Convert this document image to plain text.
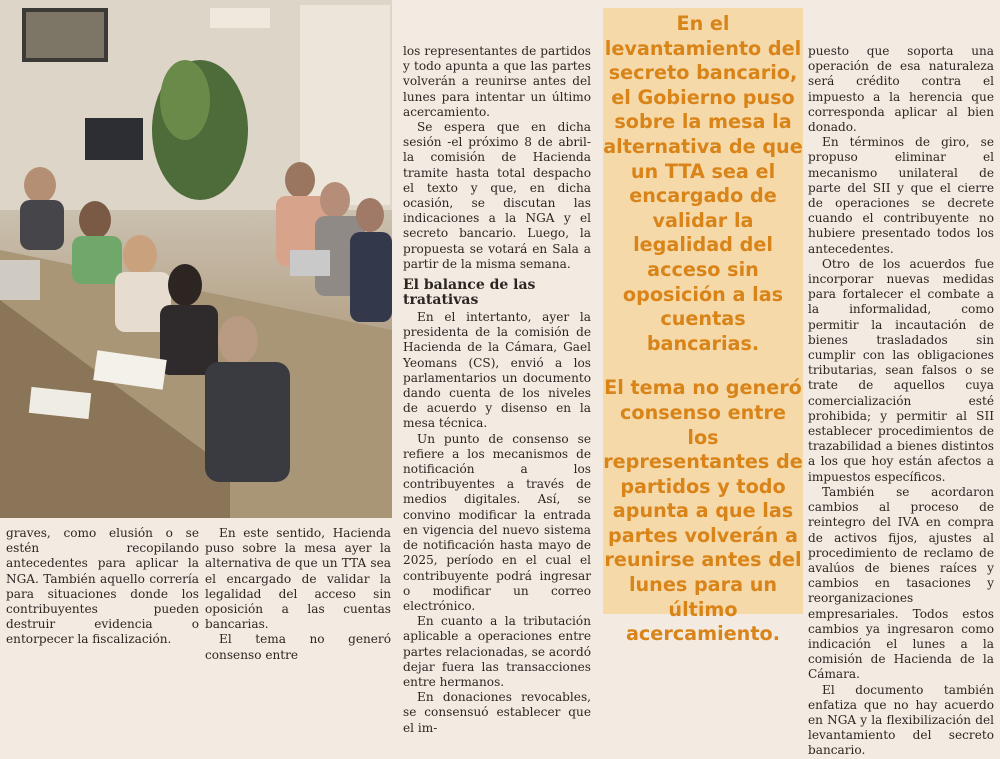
graves, como elusión o se estén recopilando antecedentes para aplicar la NGA. También aquello correría para situaciones donde los contribuyentes pueden destruir evidencia o entorpecer la fiscalización.

En este sentido, Hacienda puso sobre la mesa ayer la alternativa de que un TTA sea el encargado de validar la legalidad del acceso sin oposición a las cuentas bancarias.

El tema no generó consenso entre

los representantes de partidos y todo apunta a que las partes volverán a reunirse antes del lunes para intentar un último acercamiento.

Se espera que en dicha sesión -el próximo 8 de abril- la comisión de Hacienda tramite hasta total despacho el texto y que, en dicha ocasión, se discutan las indicaciones a la NGA y el secreto bancario. Luego, la propuesta se votará en Sala a partir de la misma semana.

El balance de las tratativas

En el intertanto, ayer la presidenta de la comisión de Hacienda de la Cámara, Gael Yeomans (CS), envió a los parlamentarios un documento dando cuenta de los niveles de acuerdo y disenso en la mesa técnica.

Un punto de consenso se refiere a los mecanismos de notificación a los contribuyentes a través de medios digitales. Así, se convino modificar la entrada en vigencia del nuevo sistema de notificación hasta mayo de 2025, período en el cual el contribuyente podrá ingresar o modificar un correo electrónico.

En cuanto a la tributación aplicable a operaciones entre partes relacionadas, se acordó dejar fuera las transacciones entre hermanos.

En donaciones revocables, se consensuó establecer que el im-

En el levantamiento del secreto bancario, el Gobierno puso sobre la mesa la alternativa de que un TTA sea el encargado de validar la legalidad del acceso sin oposición a las cuentas bancarias.

El tema no generó consenso entre los representantes de partidos y todo apunta a que las partes volverán a reunirse antes del lunes para un último acercamiento.

puesto que soporta una operación de esa naturaleza será crédito contra el impuesto a la herencia que corresponda aplicar al bien donado.

En términos de giro, se propuso eliminar el mecanismo unilateral de parte del SII y que el cierre de operaciones se decrete cuando el contribuyente no hubiere presentado todos los antecedentes.

Otro de los acuerdos fue incorporar nuevas medidas para fortalecer el combate a la informalidad, como permitir la incautación de bienes trasladados sin cumplir con las obligaciones tributarias, sean falsos o se trate de aquellos cuya comercialización esté prohibida; y permitir al SII establecer procedimientos de trazabilidad a bienes distintos a los que hoy están afectos a impuestos específicos.

También se acordaron cambios al proceso de reintegro del IVA en compra de activos fijos, ajustes al procedimiento de reclamo de avalúos de bienes raíces y cambios en tasaciones y reorganizaciones empresariales. Todos estos cambios ya ingresaron como indicación el lunes a la comisión de Hacienda de la Cámara.

El documento también enfatiza que no hay acuerdo en NGA y la flexibilización del levantamiento del secreto bancario.
